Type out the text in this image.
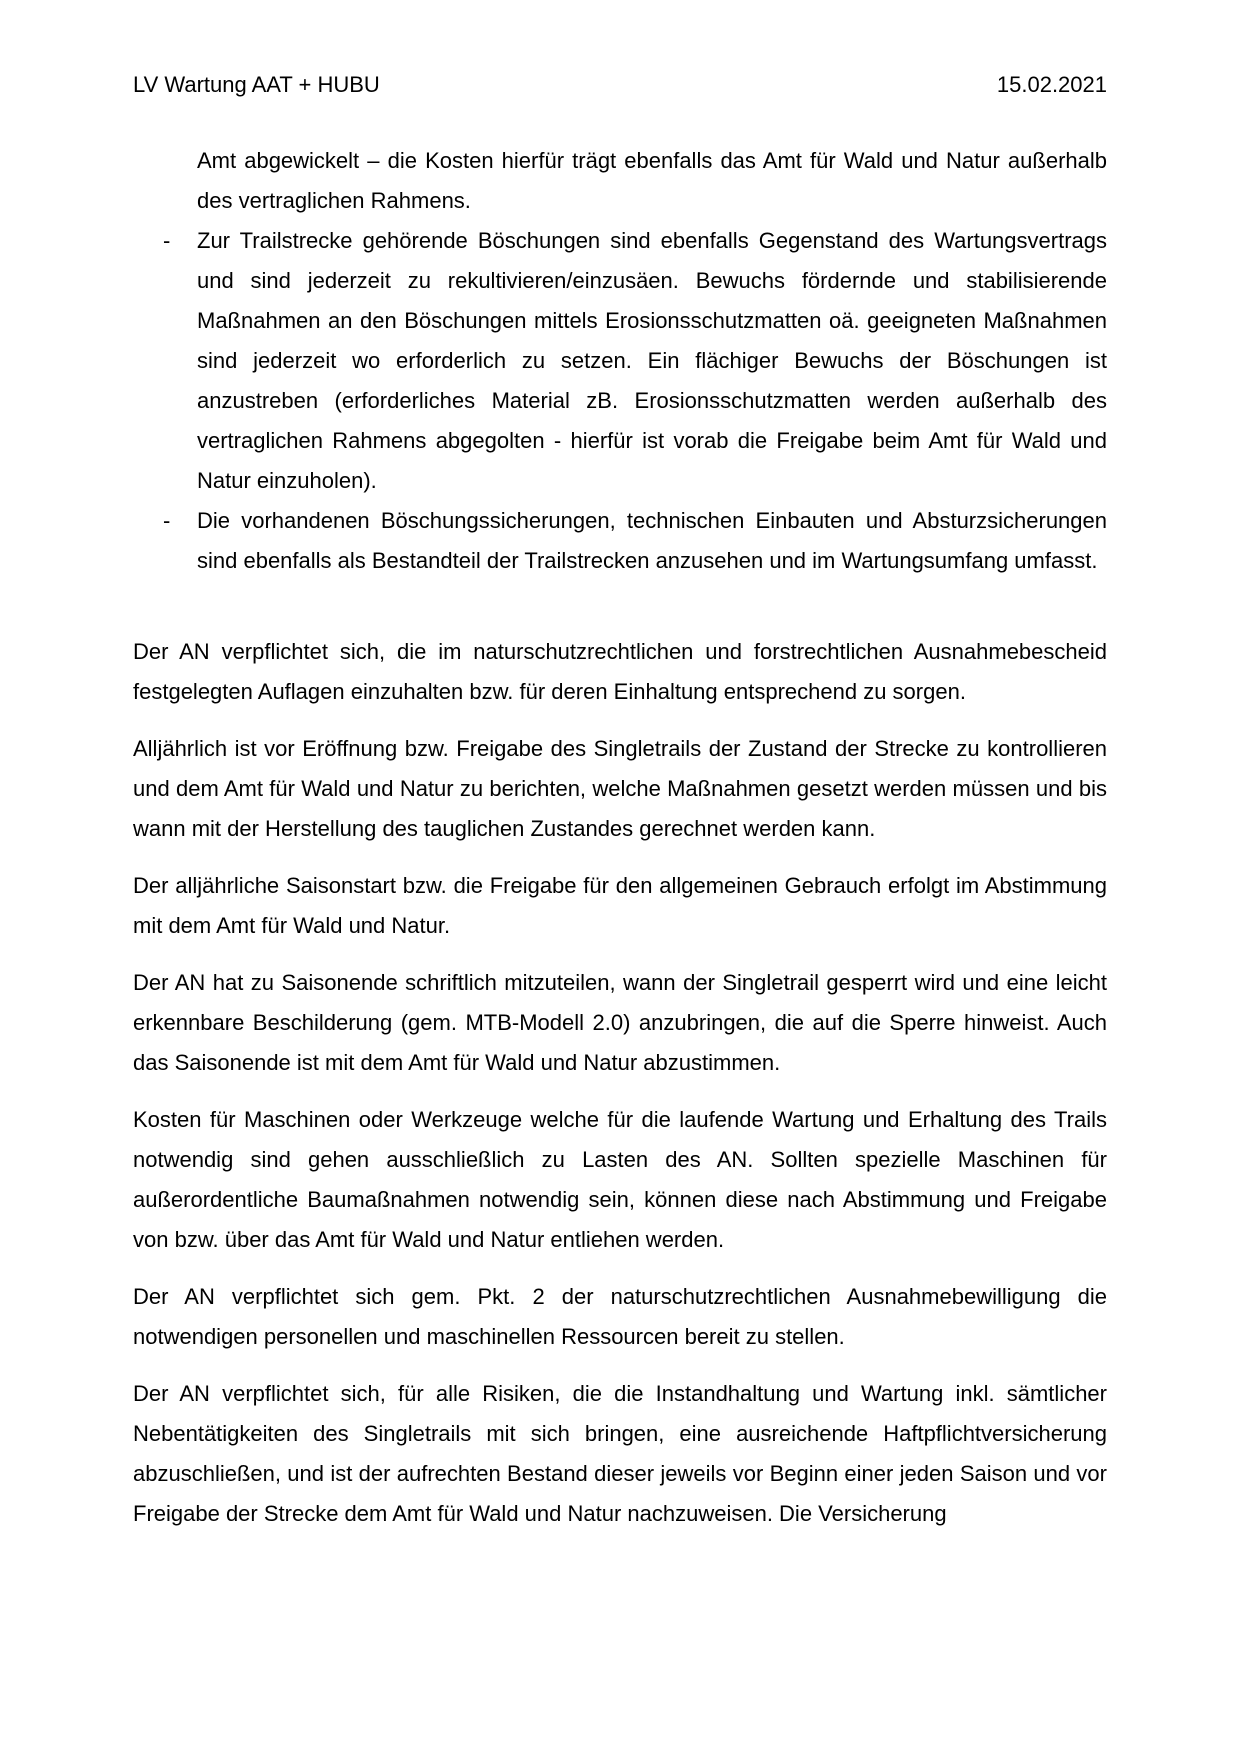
LV Wartung AAT + HUBU	15.02.2021

Amt abgewickelt – die Kosten hierfür trägt ebenfalls das Amt für Wald und Natur außerhalb des vertraglichen Rahmens.

- Zur Trailstrecke gehörende Böschungen sind ebenfalls Gegenstand des Wartungsvertrags und sind jederzeit zu rekultivieren/einzusäen. Bewuchs fördernde und stabilisierende Maßnahmen an den Böschungen mittels Erosionsschutzmatten oä. geeigneten Maßnahmen sind jederzeit wo erforderlich zu setzen. Ein flächiger Bewuchs der Böschungen ist anzustreben (erforderliches Material zB. Erosionsschutzmatten werden außerhalb des vertraglichen Rahmens abgegolten - hierfür ist vorab die Freigabe beim Amt für Wald und Natur einzuholen).
- Die vorhandenen Böschungssicherungen, technischen Einbauten und Absturzsicherungen sind ebenfalls als Bestandteil der Trailstrecken anzusehen und im Wartungsumfang umfasst.

Der AN verpflichtet sich, die im naturschutzrechtlichen und forstrechtlichen Ausnahmebescheid festgelegten Auflagen einzuhalten bzw. für deren Einhaltung entsprechend zu sorgen.

Alljährlich ist vor Eröffnung bzw. Freigabe des Singletrails der Zustand der Strecke zu kontrollieren und dem Amt für Wald und Natur zu berichten, welche Maßnahmen gesetzt werden müssen und bis wann mit der Herstellung des tauglichen Zustandes gerechnet werden kann.

Der alljährliche Saisonstart bzw. die Freigabe für den allgemeinen Gebrauch erfolgt im Abstimmung mit dem Amt für Wald und Natur.

Der AN hat zu Saisonende schriftlich mitzuteilen, wann der Singletrail gesperrt wird und eine leicht erkennbare Beschilderung (gem. MTB-Modell 2.0) anzubringen, die auf die Sperre hinweist. Auch das Saisonende ist mit dem Amt für Wald und Natur abzustimmen.

Kosten für Maschinen oder Werkzeuge welche für die laufende Wartung und Erhaltung des Trails notwendig sind gehen ausschließlich zu Lasten des AN. Sollten spezielle Maschinen für außerordentliche Baumaßnahmen notwendig sein, können diese nach Abstimmung und Freigabe von bzw. über das Amt für Wald und Natur entliehen werden.

Der AN verpflichtet sich gem. Pkt. 2 der naturschutzrechtlichen Ausnahmebewilligung die notwendigen personellen und maschinellen Ressourcen bereit zu stellen.

Der AN verpflichtet sich, für alle Risiken, die die Instandhaltung und Wartung inkl. sämtlicher Nebentätigkeiten des Singletrails mit sich bringen, eine ausreichende Haftpflichtversicherung abzuschließen, und ist der aufrechten Bestand dieser jeweils vor Beginn einer jeden Saison und vor Freigabe der Strecke dem Amt für Wald und Natur nachzuweisen. Die Versicherung
